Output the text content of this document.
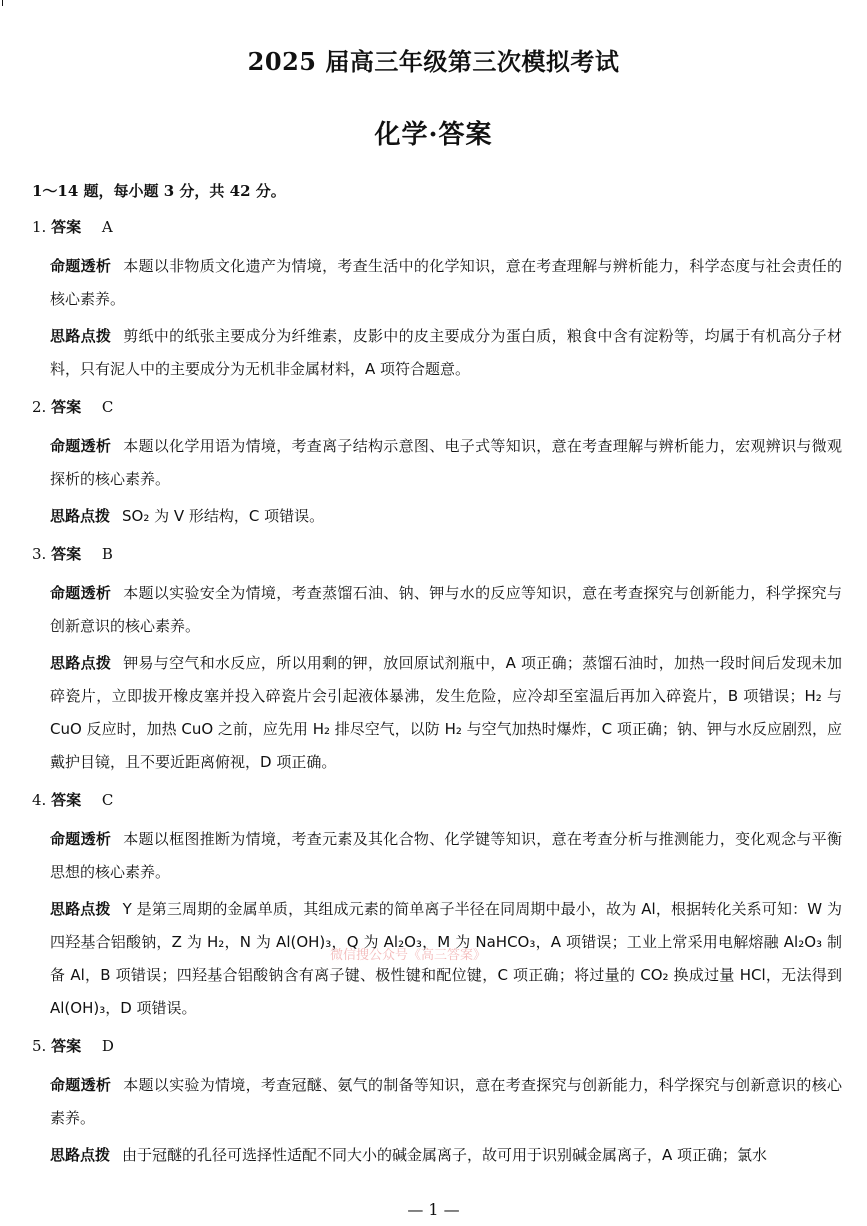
2025 届高三年级第三次模拟考试
化学·答案
1～14 题，每小题 3 分，共 42 分。
1. 答案 A
命题透析 本题以非物质文化遗产为情境，考查生活中的化学知识，意在考查理解与辨析能力，科学态度与社会责任的核心素养。
思路点拨 剪纸中的纸张主要成分为纤维素，皮影中的皮主要成分为蛋白质，粮食中含有淀粉等，均属于有机高分子材料，只有泥人中的主要成分为无机非金属材料，A 项符合题意。
2. 答案 C
命题透析 本题以化学用语为情境，考查离子结构示意图、电子式等知识，意在考查理解与辨析能力，宏观辨识与微观探析的核心素养。
思路点拨 SO₂ 为 V 形结构，C 项错误。
3. 答案 B
命题透析 本题以实验安全为情境，考查蒸馏石油、钠、钾与水的反应等知识，意在考查探究与创新能力，科学探究与创新意识的核心素养。
思路点拨 钾易与空气和水反应，所以用剩的钾，放回原试剂瓶中，A 项正确；蒸馏石油时，加热一段时间后发现未加碎瓷片，立即拔开橡皮塞并投入碎瓷片会引起液体暴沸，发生危险，应冷却至室温后再加入碎瓷片，B 项错误；H₂ 与 CuO 反应时，加热 CuO 之前，应先用 H₂ 排尽空气，以防 H₂ 与空气加热时爆炸，C 项正确；钠、钾与水反应剧烈，应戴护目镜，且不要近距离俯视，D 项正确。
4. 答案 C
命题透析 本题以框图推断为情境，考查元素及其化合物、化学键等知识，意在考查分析与推测能力，变化观念与平衡思想的核心素养。
思路点拨 Y 是第三周期的金属单质，其组成元素的简单离子半径在同周期中最小，故为 Al，根据转化关系可知：W 为四羟基合铝酸钠，Z 为 H₂，N 为 Al(OH)₃，Q 为 Al₂O₃，M 为 NaHCO₃，A 项错误；工业上常采用电解熔融 Al₂O₃ 制备 Al，B 项错误；四羟基合铝酸钠含有离子键、极性键和配位键，C 项正确；将过量的 CO₂ 换成过量 HCl，无法得到 Al(OH)₃，D 项错误。
5. 答案 D
命题透析 本题以实验为情境，考查冠醚、氨气的制备等知识，意在考查探究与创新能力，科学探究与创新意识的核心素养。
思路点拨 由于冠醚的孔径可选择性适配不同大小的碱金属离子，故可用于识别碱金属离子，A 项正确；氯水
微信搜公众号《高三答案》
— 1 —
